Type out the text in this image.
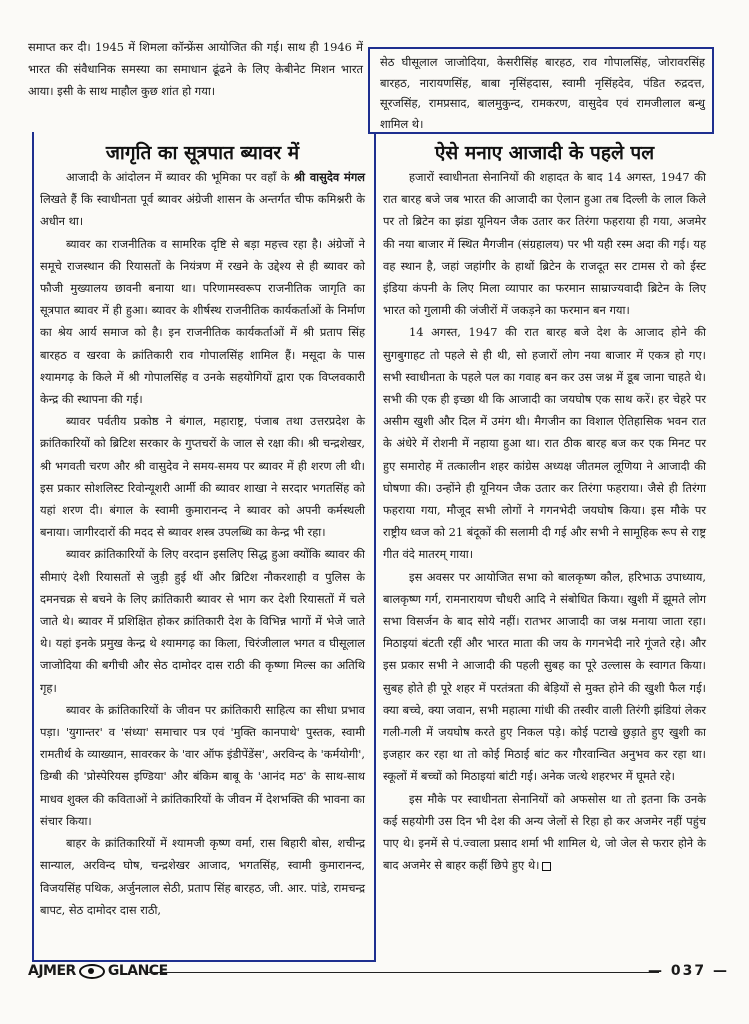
समाप्त कर दी। 1945 में शिमला कॉन्फ्रेंस आयोजित की गई। साथ ही 1946 में भारत की संवैधानिक समस्या का समाधान ढूंढने के लिए केबीनेट मिशन भारत आया। इसी के साथ माहौल कुछ शांत हो गया।

सेठ घीसूलाल जाजोदिया, केसरीसिंह बारहठ, राव गोपालसिंह, जोरावरसिंह बारहठ, नारायणसिंह, बाबा नृसिंहदास, स्वामी नृसिंहदेव, पंडित रुद्रदत्त, सूरजसिंह, रामप्रसाद, बालमुकुन्द, रामकरण, वासुदेव एवं रामजीलाल बन्धु शामिल थे।

जागृति का सूत्रपात ब्यावर में

आजादी के आंदोलन में ब्यावर की भूमिका पर वहाँ के श्री वासुदेव मंगल लिखते हैं कि स्वाधीनता पूर्व ब्यावर अंग्रेजी शासन के अन्तर्गत चीफ कमिश्नरी के अधीन था।

ब्यावर का राजनीतिक व सामरिक दृष्टि से बड़ा महत्त्व रहा है। अंग्रेजों ने समूचे राजस्थान की रियासतों के नियंत्रण में रखने के उद्देश्य से ही ब्यावर को फौजी मुख्यालय छावनी बनाया था। परिणामस्वरूप राजनीतिक जागृति का सूत्रपात ब्यावर में ही हुआ। ब्यावर के शीर्षस्थ राजनीतिक कार्यकर्ताओं के निर्माण का श्रेय आर्य समाज को है। इन राजनीतिक कार्यकर्ताओं में श्री प्रताप सिंह बारहठ व खरवा के क्रांतिकारी राव गोपालसिंह शामिल हैं। मसूदा के पास श्यामगढ़ के किले में श्री गोपालसिंह व उनके सहयोगियों द्वारा एक विप्लवकारी केन्द्र की स्थापना की गई।

ब्यावर पर्वतीय प्रकोष्ठ ने बंगाल, महाराष्ट्र, पंजाब तथा उत्तरप्रदेश के क्रांतिकारियों को ब्रिटिश सरकार के गुप्तचरों के जाल से रक्षा की। श्री चन्द्रशेखर, श्री भगवती चरण और श्री वासुदेव ने समय-समय पर ब्यावर में ही शरण ली थी। इस प्रकार सोशलिस्ट रिवोन्यूशरी आर्मी की ब्यावर शाखा ने सरदार भगतसिंह को यहां शरण दी। बंगाल के स्वामी कुमारानन्द ने ब्यावर को अपनी कर्मस्थली बनाया। जागीरदारों की मदद से ब्यावर शस्त्र उपलब्धि का केन्द्र भी रहा।

ब्यावर क्रांतिकारियों के लिए वरदान इसलिए सिद्ध हुआ क्योंकि ब्यावर की सीमाएं देशी रियासतों से जुड़ी हुई थीं और ब्रिटिश नौकरशाही व पुलिस के दमनचक्र से बचने के लिए क्रांतिकारी ब्यावर से भाग कर देशी रियासतों में चले जाते थे। ब्यावर में प्रशिक्षित होकर क्रांतिकारी देश के विभिन्न भागों में भेजे जाते थे। यहां इनके प्रमुख केन्द्र थे श्यामगढ़ का किला, चिरंजीलाल भगत व घीसूलाल जाजोदिया की बगीची और सेठ दामोदर दास राठी की कृष्णा मिल्स का अतिथि गृह।

ब्यावर के क्रांतिकारियों के जीवन पर क्रांतिकारी साहित्य का सीधा प्रभाव पड़ा। 'युगान्तर' व 'संध्या' समाचार पत्र एवं 'मुक्ति कानपाथे' पुस्तक, स्वामी रामतीर्थ के व्याख्यान, सावरकर के 'वार ऑफ इंडीपेंडेंस', अरविन्द के 'कर्मयोगी', डिग्बी की 'प्रोस्पेरियस इण्डिया' और बंकिम बाबू के 'आनंद मठ' के साथ-साथ माधव शुक्ल की कविताओं ने क्रांतिकारियों के जीवन में देशभक्ति की भावना का संचार किया।

बाहर के क्रांतिकारियों में श्यामजी कृष्ण वर्मा, रास बिहारी बोस, शचीन्द्र सान्याल, अरविन्द घोष, चन्द्रशेखर आजाद, भगतसिंह, स्वामी कुमारानन्द, विजयसिंह पथिक, अर्जुनलाल सेठी, प्रताप सिंह बारहठ, जी. आर. पांडे, रामचन्द्र बापट, सेठ दामोदर दास राठी,

ऐसे मनाए आजादी के पहले पल

हजारों स्वाधीनता सेनानियों की शहादत के बाद 14 अगस्त, 1947 की रात बारह बजे जब भारत की आजादी का ऐलान हुआ तब दिल्ली के लाल किले पर तो ब्रिटेन का झंडा यूनियन जैक उतार कर तिरंगा फहराया ही गया, अजमेर की नया बाजार में स्थित मैगजीन (संग्रहालय) पर भी यही रस्म अदा की गई। यह वह स्थान है, जहां जहांगीर के हाथों ब्रिटेन के राजदूत सर टामस रो को ईस्ट इंडिया कंपनी के लिए मिला व्यापार का फरमान साम्राज्यवादी ब्रिटेन के लिए भारत को गुलामी की जंजीरों में जकड़ने का फरमान बन गया।

14 अगस्त, 1947 की रात बारह बजे देश के आजाद होने की सुगबुगाहट तो पहले से ही थी, सो हजारों लोग नया बाजार में एकत्र हो गए। सभी स्वाधीनता के पहले पल का गवाह बन कर उस जश्न में डूब जाना चाहते थे। सभी की एक ही इच्छा थी कि आजादी का जयघोष एक साथ करें। हर चेहरे पर असीम खुशी और दिल में उमंग थी। मैगजीन का विशाल ऐतिहासिक भवन रात के अंधेरे में रोशनी में नहाया हुआ था। रात ठीक बारह बज कर एक मिनट पर हुए समारोह में तत्कालीन शहर कांग्रेस अध्यक्ष जीतमल लूणिया ने आजादी की घोषणा की। उन्होंने ही यूनियन जैक उतार कर तिरंगा फहराया। जैसे ही तिरंगा फहराया गया, मौजूद सभी लोगों ने गगनभेदी जयघोष किया। इस मौके पर राष्ट्रीय ध्वज को 21 बंदूकों की सलामी दी गई और सभी ने सामूहिक रूप से राष्ट्र गीत वंदे मातरम् गाया।

इस अवसर पर आयोजित सभा को बालकृष्ण कौल, हरिभाऊ उपाध्याय, बालकृष्ण गर्ग, रामनारायण चौधरी आदि ने संबोधित किया। खुशी में झूमते लोग सभा विसर्जन के बाद सोये नहीं। रातभर आजादी का जश्न मनाया जाता रहा। मिठाइयां बंटती रहीं और भारत माता की जय के गगनभेदी नारे गूंजते रहे। और इस प्रकार सभी ने आजादी की पहली सुबह का पूरे उल्लास के स्वागत किया। सुबह होते ही पूरे शहर में परतंत्रता की बेड़ियों से मुक्त होने की खुशी फैल गई। क्या बच्चे, क्या जवान, सभी महात्मा गांधी की तस्वीर वाली तिरंगी झंडियां लेकर गली-गली में जयघोष करते हुए निकल पड़े। कोई पटाखे छुड़ाते हुए खुशी का इजहार कर रहा था तो कोई मिठाई बांट कर गौरवान्वित अनुभव कर रहा था। स्कूलों में बच्चों को मिठाइयां बांटी गई। अनेक जत्थे शहरभर में घूमते रहे।

इस मौके पर स्वाधीनता सेनानियों को अफसोस था तो इतना कि उनके कई सहयोगी उस दिन भी देश की अन्य जेलों से रिहा हो कर अजमेर नहीं पहुंच पाए थे। इनमें से पं.ज्वाला प्रसाद शर्मा भी शामिल थे, जो जेल से फरार होने के बाद अजमेर से बाहर कहीं छिपे हुए थे।

AJMER GLANCE	— 037 —
